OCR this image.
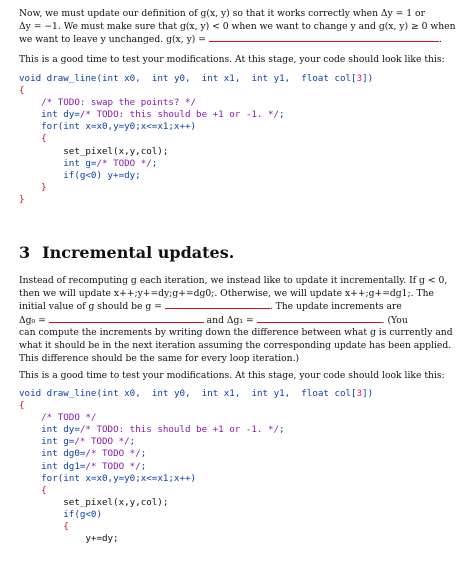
Now, we must update our definition of g(x, y) so that it works correctly when Δy = 1 or
Δy = −1. We must make sure that g(x, y) < 0 when we want to change y and g(x, y) ≥ 0 when
we want to leave y unchanged. g(x, y) =	.
This is a good time to test your modifications. At this stage, your code should look like this:
void draw_line(int x0,  int y0,  int x1,  int y1,  float col[3])
{
/* TODO: swap the points? */
int dy=/* TODO: this should be +1 or -1. */;
for(int x=x0,y=y0;x<=x1;x++)
{
set_pixel(x,y,col);
int g=/* TODO */;
if(g<0) y+=dy;
}
}
3 Incremental updates.
Instead of recomputing g each iteration, we instead like to update it incrementally. If g < 0,
then we will update x++;y+=dy;g+=dg0;. Otherwise, we will update x++;g+=dg1;. The
initial value of g should be g =	. The update increments are
Δg₀ =	and Δg₁ =	. (You
can compute the increments by writing down the difference between what g is currently and
what it should be in the next iteration assuming the corresponding update has been applied.
This difference should be the same for every loop iteration.)
This is a good time to test your modifications. At this stage, your code should look like this:
void draw_line(int x0,  int y0,  int x1,  int y1,  float col[3])
{
/* TODO */
int dy=/* TODO: this should be +1 or -1. */;
int g=/* TODO */;
int dg0=/* TODO */;
int dg1=/* TODO */;
for(int x=x0,y=y0;x<=x1;x++)
{
set_pixel(x,y,col);
if(g<0)
{
y+=dy;
